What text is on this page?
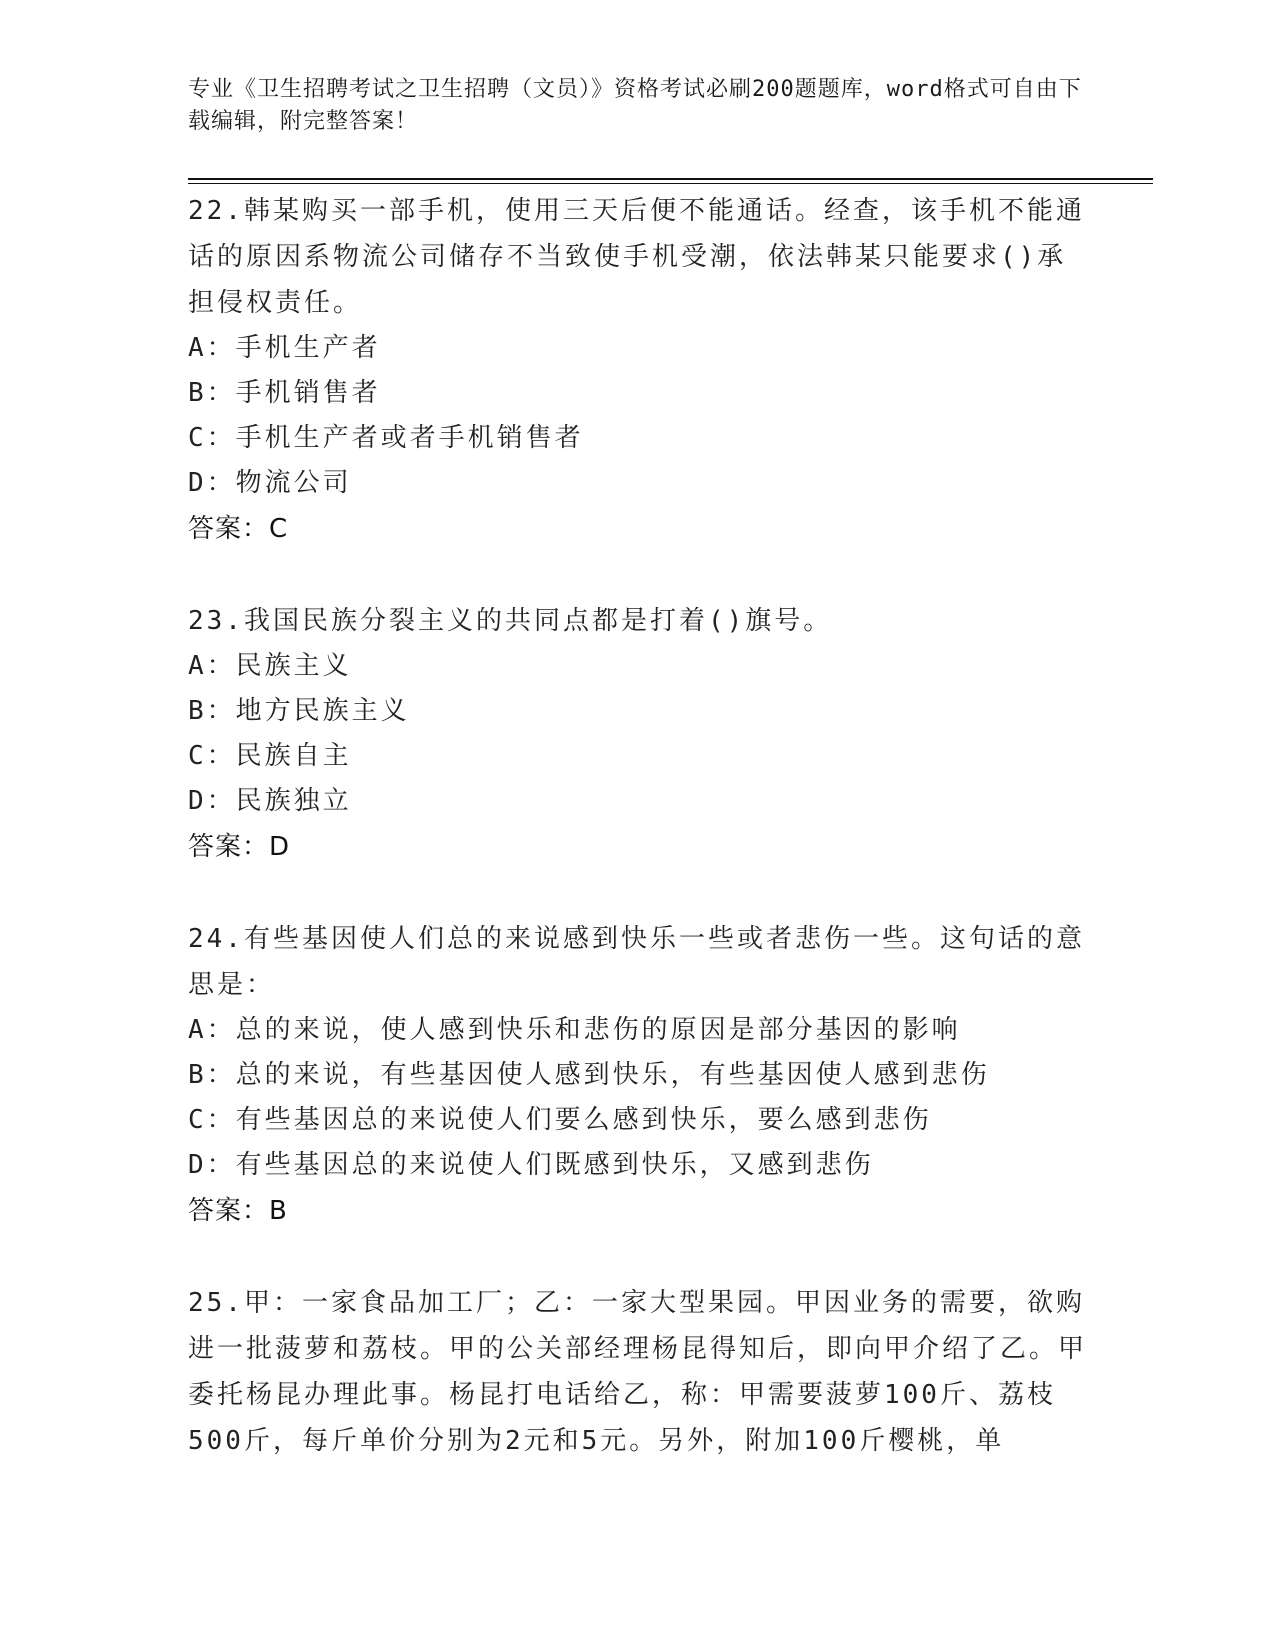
专业《卫生招聘考试之卫生招聘（文员）》资格考试必刷200题题库，word格式可自由下载编辑，附完整答案！

22.韩某购买一部手机，使用三天后便不能通话。经查，该手机不能通话的原因系物流公司储存不当致使手机受潮，依法韩某只能要求()承担侵权责任。

A：手机生产者

B：手机销售者

C：手机生产者或者手机销售者

D：物流公司

答案：C

23.我国民族分裂主义的共同点都是打着()旗号。

A：民族主义

B：地方民族主义

C：民族自主

D：民族独立

答案：D

24.有些基因使人们总的来说感到快乐一些或者悲伤一些。这句话的意思是：

A：总的来说，使人感到快乐和悲伤的原因是部分基因的影响

B：总的来说，有些基因使人感到快乐，有些基因使人感到悲伤

C：有些基因总的来说使人们要么感到快乐，要么感到悲伤

D：有些基因总的来说使人们既感到快乐，又感到悲伤

答案：B

25.甲：一家食品加工厂；乙：一家大型果园。甲因业务的需要，欲购进一批菠萝和荔枝。甲的公关部经理杨昆得知后，即向甲介绍了乙。甲委托杨昆办理此事。杨昆打电话给乙，称：甲需要菠萝100斤、荔枝500斤，每斤单价分别为2元和5元。另外，附加100斤樱桃，单
